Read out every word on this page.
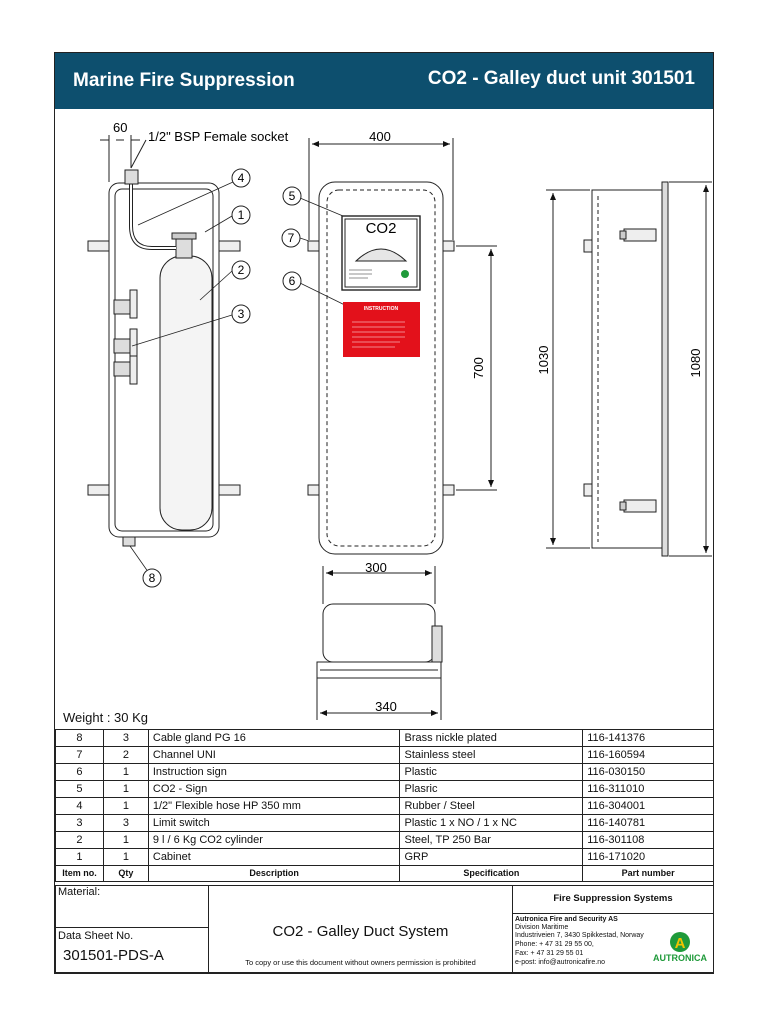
Marine Fire Suppression	CO2 - Galley duct unit 301501
60
1/2" BSP Female socket
4
1
2
3
5
7
6
8
CO2
INSTRUCTION
400
700	1030	1080
300
340
Weight : 30 Kg
8	3	Cable gland PG 16	Brass nickle plated	116-141376
7	2	Channel UNI	Stainless steel	116-160594
6	1	Instruction sign	Plastic	116-030150
5	1	CO2 - Sign	Plasric	116-311010
4	1	1/2" Flexible hose HP 350 mm	Rubber / Steel	116-304001
3	3	Limit switch	Plastic 1 x NO / 1 x NC	116-140781
2	1	9 l / 6 Kg CO2 cylinder	Steel, TP 250 Bar	116-301108
1	1	Cabinet	GRP	116-171020
Item no.	Qty	Description	Specification	Part number
Material:
Data Sheet No.
301501-PDS-A
CO2 - Galley Duct System
To copy or use this document without owners permission is prohibited
Fire Suppression Systems
Autronica Fire and Security AS
Division Maritime
Industriveien 7, 3430 Spikkestad, Norway
Phone: + 47 31 29 55 00,
Fax: + 47 31 29 55 01
e-post: info@autronicafire.no
A
AUTRONICA
